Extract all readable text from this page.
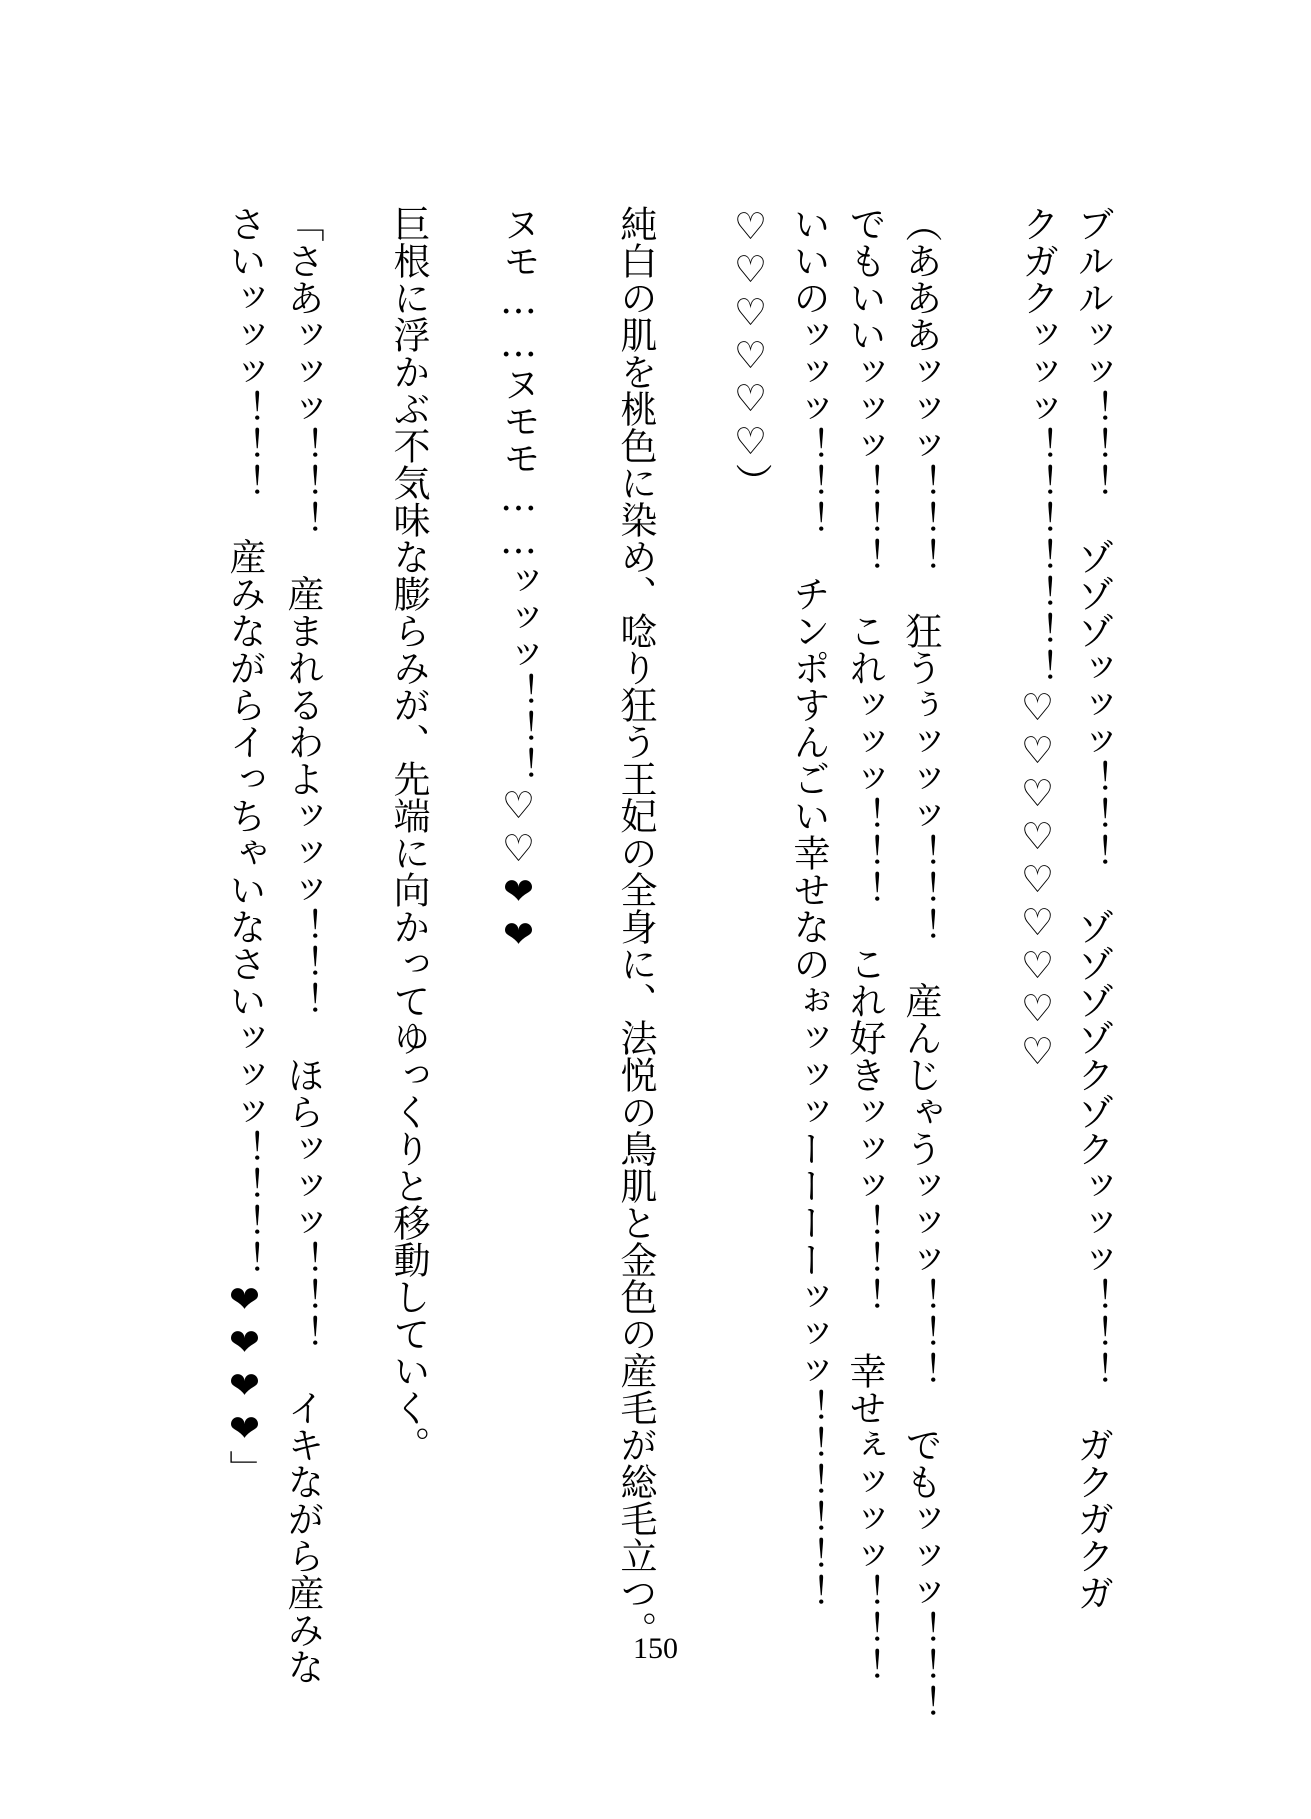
ブルルッッ！！！　ゾゾゾッッッ！！！　ゾゾゾゾクゾクッッッ！！！　ガクガクガ
クガクッッッ！！！！！！！♡♡♡♡♡♡♡♡♡
（あああッッッ！！！　狂うぅッッッ！！！　産んじゃうッッッ！！！　でもッッッ！！！
でもいいッッッ！！！　これッッッ！！！　これ好きッッッ！！！　幸せぇッッッ！！！
いいのッッッ！！！　チンポすんごい幸せなのぉッッッーーーーッッッ！！！！！！
♡♡♡♡♡♡）
純白の肌を桃色に染め、唸り狂う王妃の全身に、法悦の鳥肌と金色の産毛が総毛立つ。
ヌモ……ヌモモ……ッッッ！！！♡♡❤❤
巨根に浮かぶ不気味な膨らみが、先端に向かってゆっくりと移動していく。
「さあッッッ！！！　産まれるわよッッッ！！！　ほらッッッ！！！　イキながら産みな
さいッッッ！！！　産みながらイっちゃいなさいッッッ！！！！❤❤❤❤」
150
